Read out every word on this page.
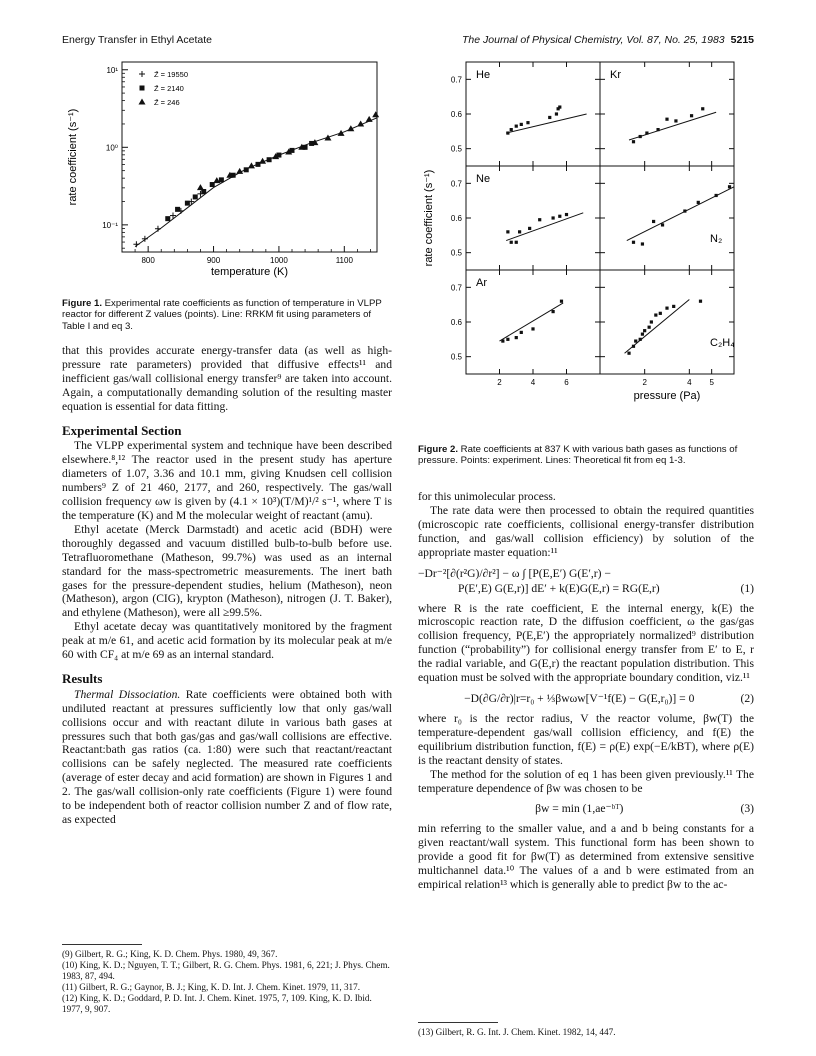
Energy Transfer in Ethyl Acetate	The Journal of Physical Chemistry, Vol. 87, No. 25, 1983 5215
10⁻¹
10⁰
10¹
800	900	1000	1100
temperature (K)
rate coefficient (s⁻¹)
Z̄ = 19550
Z̄ = 2140
Z̄ = 246
Figure 1. Experimental rate coefficients as function of temperature in VLPP reactor for different Z values (points). Line: RRKM fit using parameters of Table I and eq 3.

that this provides accurate energy-transfer data (as well as high-pressure rate parameters) provided that diffusive effects¹¹ and inefficient gas/wall collisional energy transfer⁹ are taken into account. Again, a computationally demanding solution of the resulting master equation is essential for data fitting.

Experimental Section

The VLPP experimental system and technique have been described elsewhere.⁸,¹² The reactor used in the present study has aperture diameters of 1.07, 3.36 and 10.1 mm, giving Knudsen cell collision numbers⁹ Z of 21 460, 2177, and 260, respectively. The gas/wall collision frequency ωw is given by (4.1 × 10³)(T/M)¹/² s⁻¹, where T is the temperature (K) and M the molecular weight of reactant (amu).

Ethyl acetate (Merck Darmstadt) and acetic acid (BDH) were thoroughly degassed and vacuum distilled bulb-to-bulb before use. Tetrafluoromethane (Matheson, 99.7%) was used as an internal standard for the mass-spectrometric measurements. The inert bath gases for the pressure-dependent studies, helium (Matheson), neon (Matheson), argon (CIG), krypton (Matheson), nitrogen (J. T. Baker), and ethylene (Matheson), were all ≥99.5%.

Ethyl acetate decay was quantitatively monitored by the fragment peak at m/e 61, and acetic acid formation by its molecular peak at m/e 60 with CF₄ at m/e 69 as an internal standard.

Results

Thermal Dissociation. Rate coefficients were obtained both with undiluted reactant at pressures sufficiently low that only gas/wall collisions occur and with reactant dilute in various bath gases at pressures such that both gas/gas and gas/wall collisions are effective. Reactant:bath gas ratios (ca. 1:80) were such that reactant/reactant collisions can be safely neglected. The measured rate coefficients (average of ester decay and acid formation) are shown in Figures 1 and 2. The gas/wall collision-only rate coefficients (Figure 1) were found to be independent both of reactor collision number Z and of flow rate, as expected

(9) Gilbert, R. G.; King, K. D. Chem. Phys. 1980, 49, 367.
(10) King, K. D.; Nguyen, T. T.; Gilbert, R. G. Chem. Phys. 1981, 6, 221; J. Phys. Chem. 1983, 87, 494.
(11) Gilbert, R. G.; Gaynor, B. J.; King, K. D. Int. J. Chem. Kinet. 1979, 11, 317.
(12) King, K. D.; Goddard, P. D. Int. J. Chem. Kinet. 1975, 7, 109. King, K. D. Ibid. 1977, 9, 907.
0.5
0.6
0.7 He	Kr
0.5
0.6
0.7 Ne
N₂
0.5
0.6
0.7
2	4	6
Ar
2	4 5
C₂H₄
pressure (Pa)
rate coefficient (s⁻¹)
Figure 2. Rate coefficients at 837 K with various bath gases as functions of pressure. Points: experiment. Lines: Theoretical fit from eq 1-3.

for this unimolecular process.

The rate data were then processed to obtain the required quantities (microscopic rate coefficients, collisional energy-transfer distribution function, and gas/wall collision efficiency) by solution of the appropriate master equation:¹¹

−Dr⁻²[∂(r²G)/∂r²] − ω ∫ [P(E,E′) G(E′,r) −
P(E′,E) G(E,r)] dE′ + k(E)G(E,r) = RG(E,r)	(1)

where R is the rate coefficient, E the internal energy, k(E) the microscopic reaction rate, D the diffusion coefficient, ω the gas/gas collision frequency, P(E,E′) the appropriately normalized⁹ distribution function (“probability”) for collisional energy transfer from E′ to E, r the radial variable, and G(E,r) the reactant population distribution. This equation must be solved with the appropriate boundary condition, viz.¹¹

−D(∂G/∂r)|r=r₀ + ⅓βwωw[V⁻¹f(E) − G(E,r₀)] = 0	(2)

where r₀ is the rector radius, V the reactor volume, βw(T) the temperature-dependent gas/wall collision efficiency, and f(E) the equilibrium distribution function, f(E) = ρ(E) exp(−E/kBT), where ρ(E) is the reactant density of states.

The method for the solution of eq 1 has been given previously.¹¹ The temperature dependence of βw was chosen to be

βw = min (1,ae⁻ᵇᵀ)	(3)

min referring to the smaller value, and a and b being constants for a given reactant/wall system. This functional form has been shown to provide a good fit for βw(T) as determined from extensive sensitive multichannel data.¹⁰ The values of a and b were estimated from an empirical relation¹³ which is generally able to predict βw to the ac-

(13) Gilbert, R. G. Int. J. Chem. Kinet. 1982, 14, 447.
